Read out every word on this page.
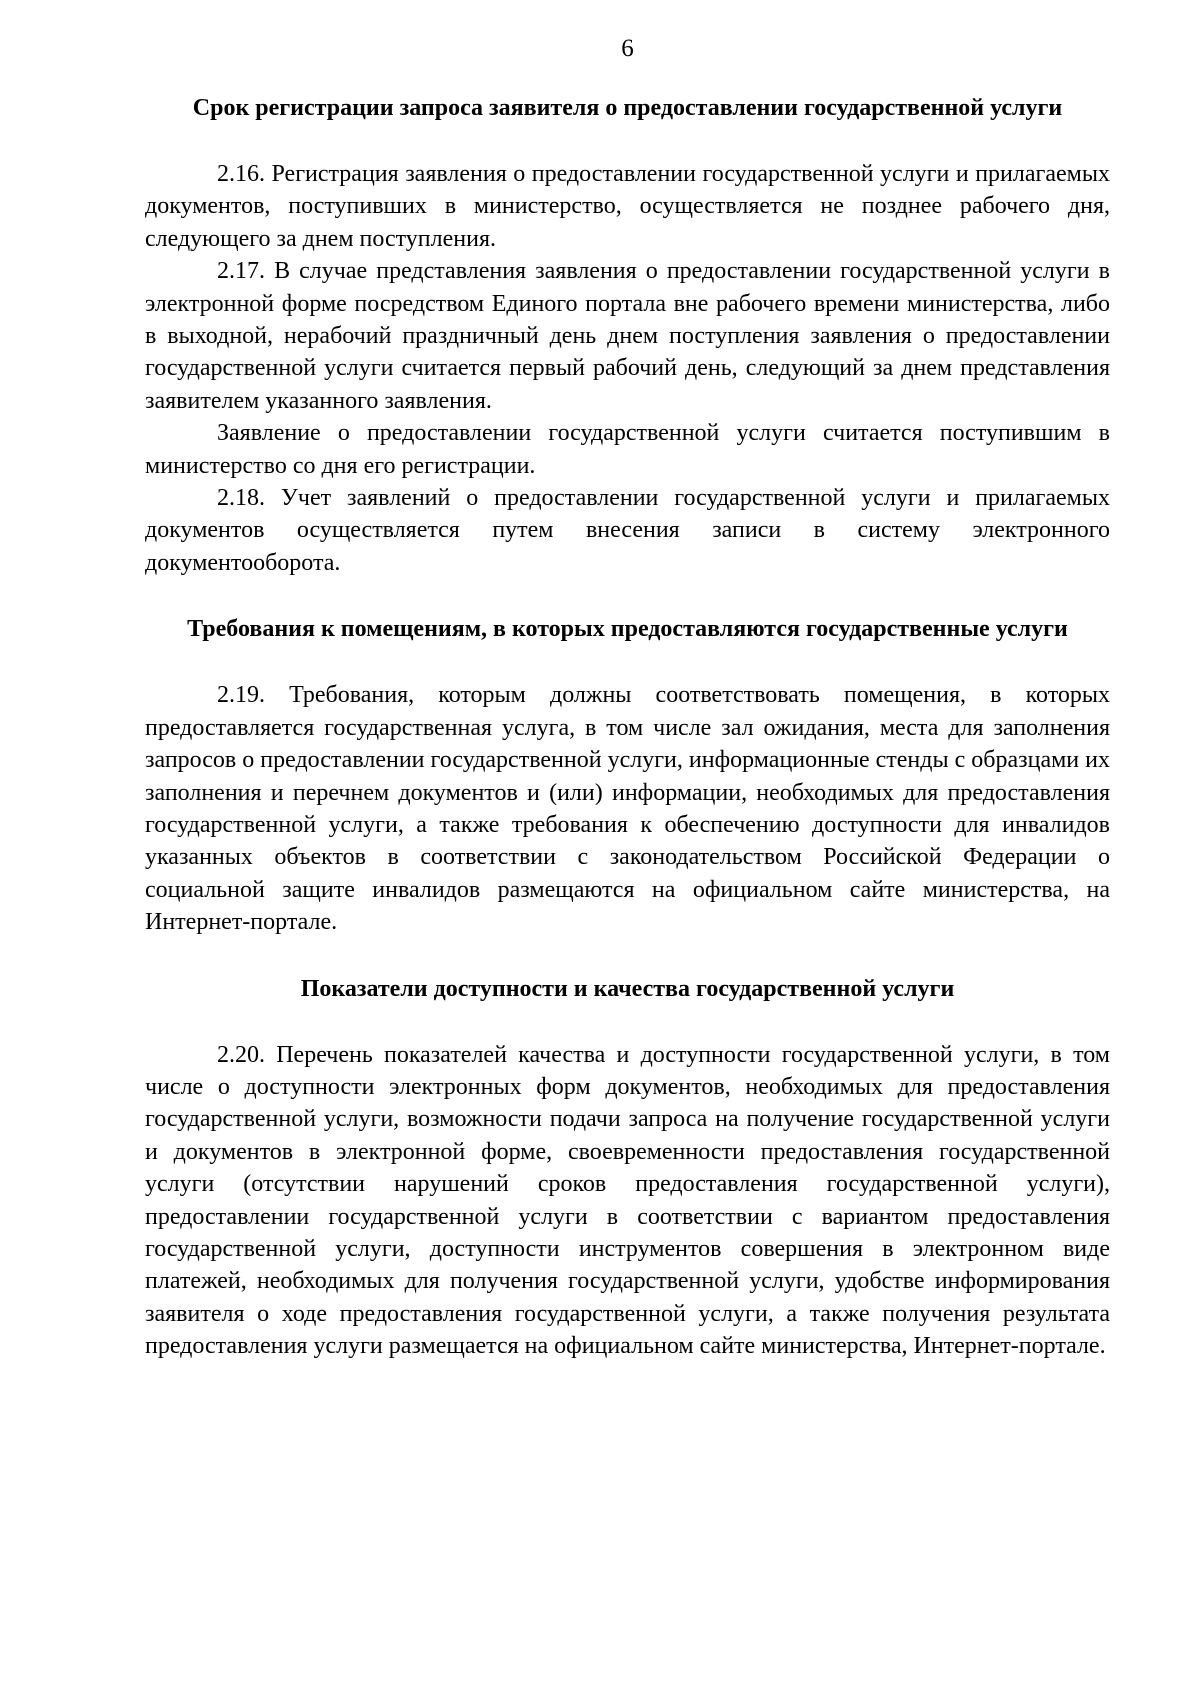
6
Срок регистрации запроса заявителя о предоставлении государственной услуги

2.16. Регистрация заявления о предоставлении государственной услуги и прилагаемых документов, поступивших в министерство, осуществляется не позднее рабочего дня, следующего за днем поступления.

2.17. В случае представления заявления о предоставлении государственной услуги в электронной форме посредством Единого портала вне рабочего времени министерства, либо в выходной, нерабочий праздничный день днем поступления заявления о предоставлении государственной услуги считается первый рабочий день, следующий за днем представления заявителем указанного заявления.

Заявление о предоставлении государственной услуги считается поступившим в министерство со дня его регистрации.

2.18. Учет заявлений о предоставлении государственной услуги и прилагаемых документов осуществляется путем внесения записи в систему электронного документооборота.

Требования к помещениям, в которых предоставляются государственные услуги

2.19. Требования, которым должны соответствовать помещения, в которых предоставляется государственная услуга, в том числе зал ожидания, места для заполнения запросов о предоставлении государственной услуги, информационные стенды с образцами их заполнения и перечнем документов и (или) информации, необходимых для предоставления государственной услуги, а также требования к обеспечению доступности для инвалидов указанных объектов в соответствии с законодательством Российской Федерации о социальной защите инвалидов размещаются на официальном сайте министерства, на Интернет-портале.

Показатели доступности и качества государственной услуги

2.20. Перечень показателей качества и доступности государственной услуги, в том числе о доступности электронных форм документов, необходимых для предоставления государственной услуги, возможности подачи запроса на получение государственной услуги и документов в электронной форме, своевременности предоставления государственной услуги (отсутствии нарушений сроков предоставления государственной услуги), предоставлении государственной услуги в соответствии с вариантом предоставления государственной услуги, доступности инструментов совершения в электронном виде платежей, необходимых для получения государственной услуги, удобстве информирования заявителя о ходе предоставления государственной услуги, а также получения результата предоставления услуги размещается на официальном сайте министерства, Интернет-портале.
